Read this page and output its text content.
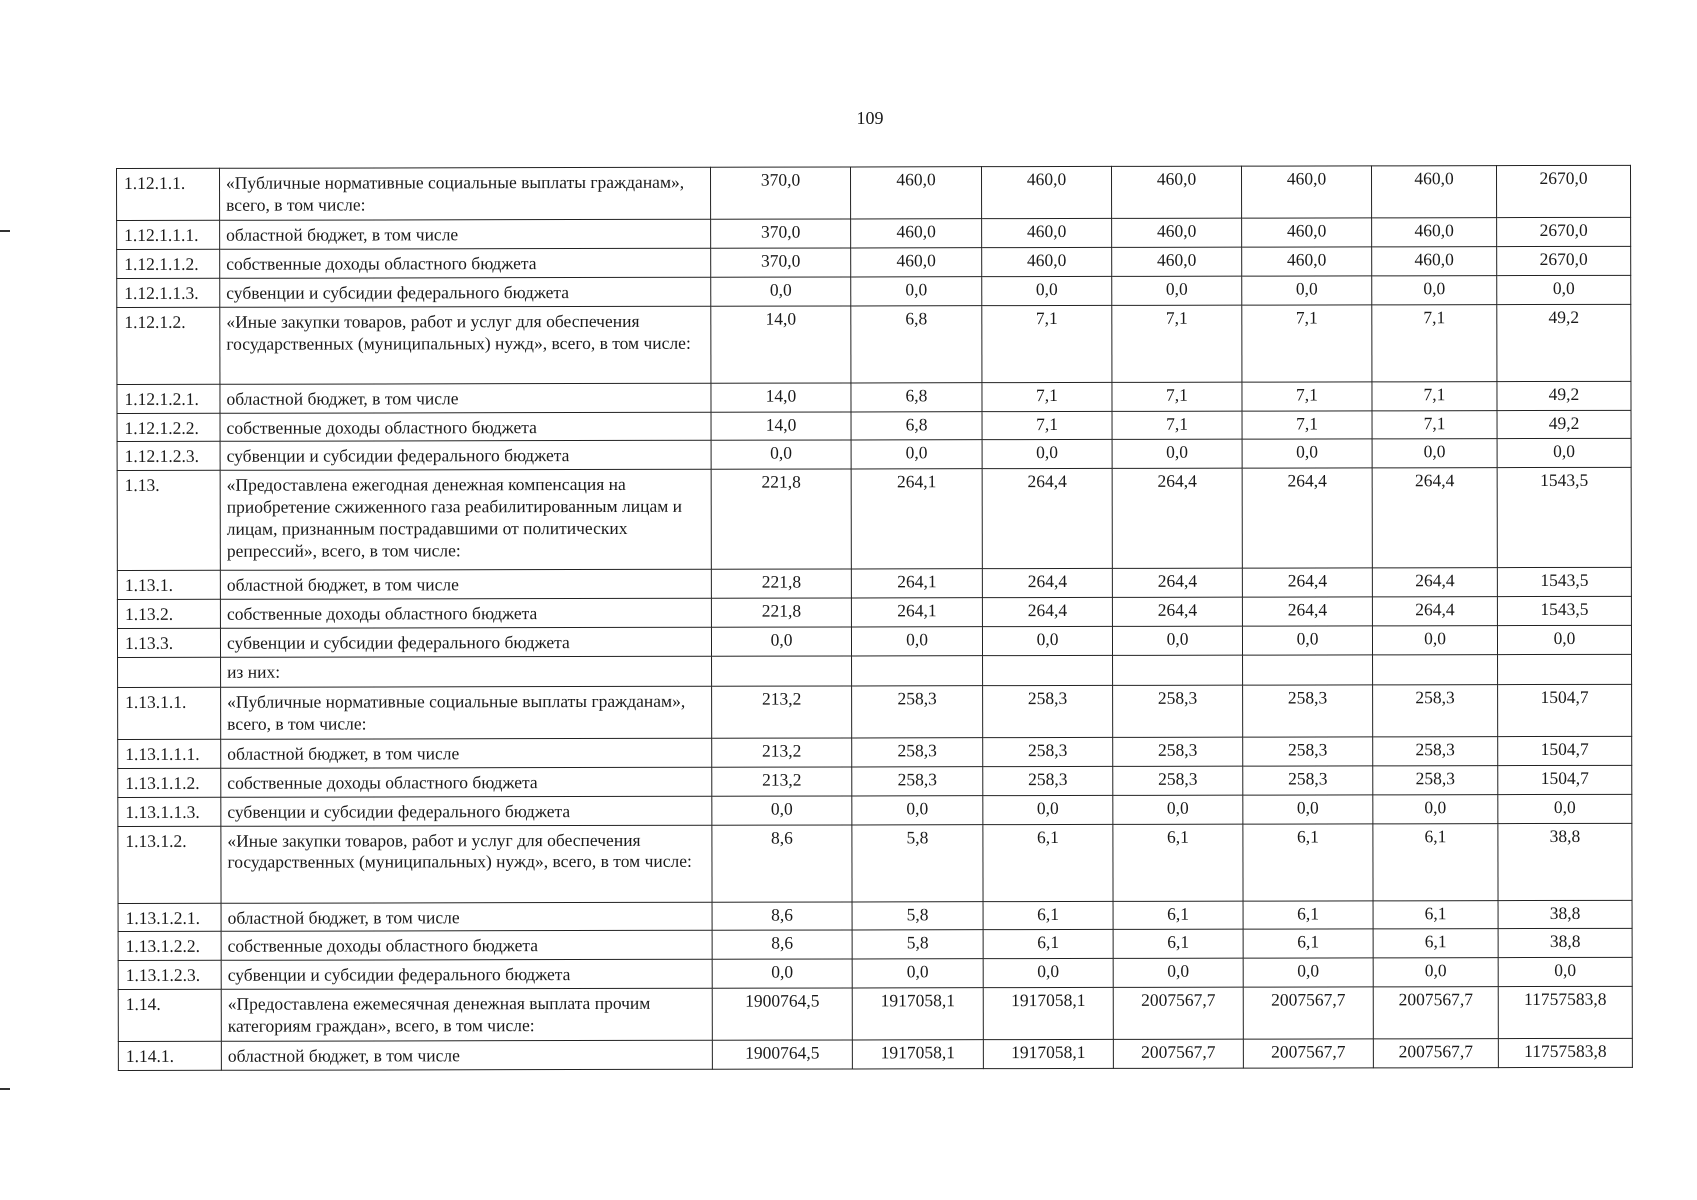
109
1.12.1.1.	«Публичные нормативные социальные выплаты гражданам», всего, в том числе:	370,0	460,0	460,0	460,0	460,0	460,0	2670,0
1.12.1.1.1.	областной бюджет, в том числе	370,0	460,0	460,0	460,0	460,0	460,0	2670,0
1.12.1.1.2.	собственные доходы областного бюджета	370,0	460,0	460,0	460,0	460,0	460,0	2670,0
1.12.1.1.3.	субвенции и субсидии федерального бюджета	0,0	0,0	0,0	0,0	0,0	0,0	0,0
1.12.1.2.	«Иные закупки товаров, работ и услуг для обеспечения государственных (муниципальных) нужд», всего, в том числе:	14,0	6,8	7,1	7,1	7,1	7,1	49,2
1.12.1.2.1.	областной бюджет, в том числе	14,0	6,8	7,1	7,1	7,1	7,1	49,2
1.12.1.2.2.	собственные доходы областного бюджета	14,0	6,8	7,1	7,1	7,1	7,1	49,2
1.12.1.2.3.	субвенции и субсидии федерального бюджета	0,0	0,0	0,0	0,0	0,0	0,0	0,0
1.13.	«Предоставлена ежегодная денежная компенсация на приобретение сжиженного газа реабилитированным лицам и лицам, признанным пострадавшими от политических репрессий», всего, в том числе:	221,8	264,1	264,4	264,4	264,4	264,4	1543,5
1.13.1.	областной бюджет, в том числе	221,8	264,1	264,4	264,4	264,4	264,4	1543,5
1.13.2.	собственные доходы областного бюджета	221,8	264,1	264,4	264,4	264,4	264,4	1543,5
1.13.3.	субвенции и субсидии федерального бюджета	0,0	0,0	0,0	0,0	0,0	0,0	0,0
	из них:							
1.13.1.1.	«Публичные нормативные социальные выплаты гражданам», всего, в том числе:	213,2	258,3	258,3	258,3	258,3	258,3	1504,7
1.13.1.1.1.	областной бюджет, в том числе	213,2	258,3	258,3	258,3	258,3	258,3	1504,7
1.13.1.1.2.	собственные доходы областного бюджета	213,2	258,3	258,3	258,3	258,3	258,3	1504,7
1.13.1.1.3.	субвенции и субсидии федерального бюджета	0,0	0,0	0,0	0,0	0,0	0,0	0,0
1.13.1.2.	«Иные закупки товаров, работ и услуг для обеспечения государственных (муниципальных) нужд», всего, в том числе:	8,6	5,8	6,1	6,1	6,1	6,1	38,8
1.13.1.2.1.	областной бюджет, в том числе	8,6	5,8	6,1	6,1	6,1	6,1	38,8
1.13.1.2.2.	собственные доходы областного бюджета	8,6	5,8	6,1	6,1	6,1	6,1	38,8
1.13.1.2.3.	субвенции и субсидии федерального бюджета	0,0	0,0	0,0	0,0	0,0	0,0	0,0
1.14.	«Предоставлена ежемесячная денежная выплата прочим категориям граждан», всего, в том числе:	1900764,5	1917058,1	1917058,1	2007567,7	2007567,7	2007567,7	11757583,8
1.14.1.	областной бюджет, в том числе	1900764,5	1917058,1	1917058,1	2007567,7	2007567,7	2007567,7	11757583,8
